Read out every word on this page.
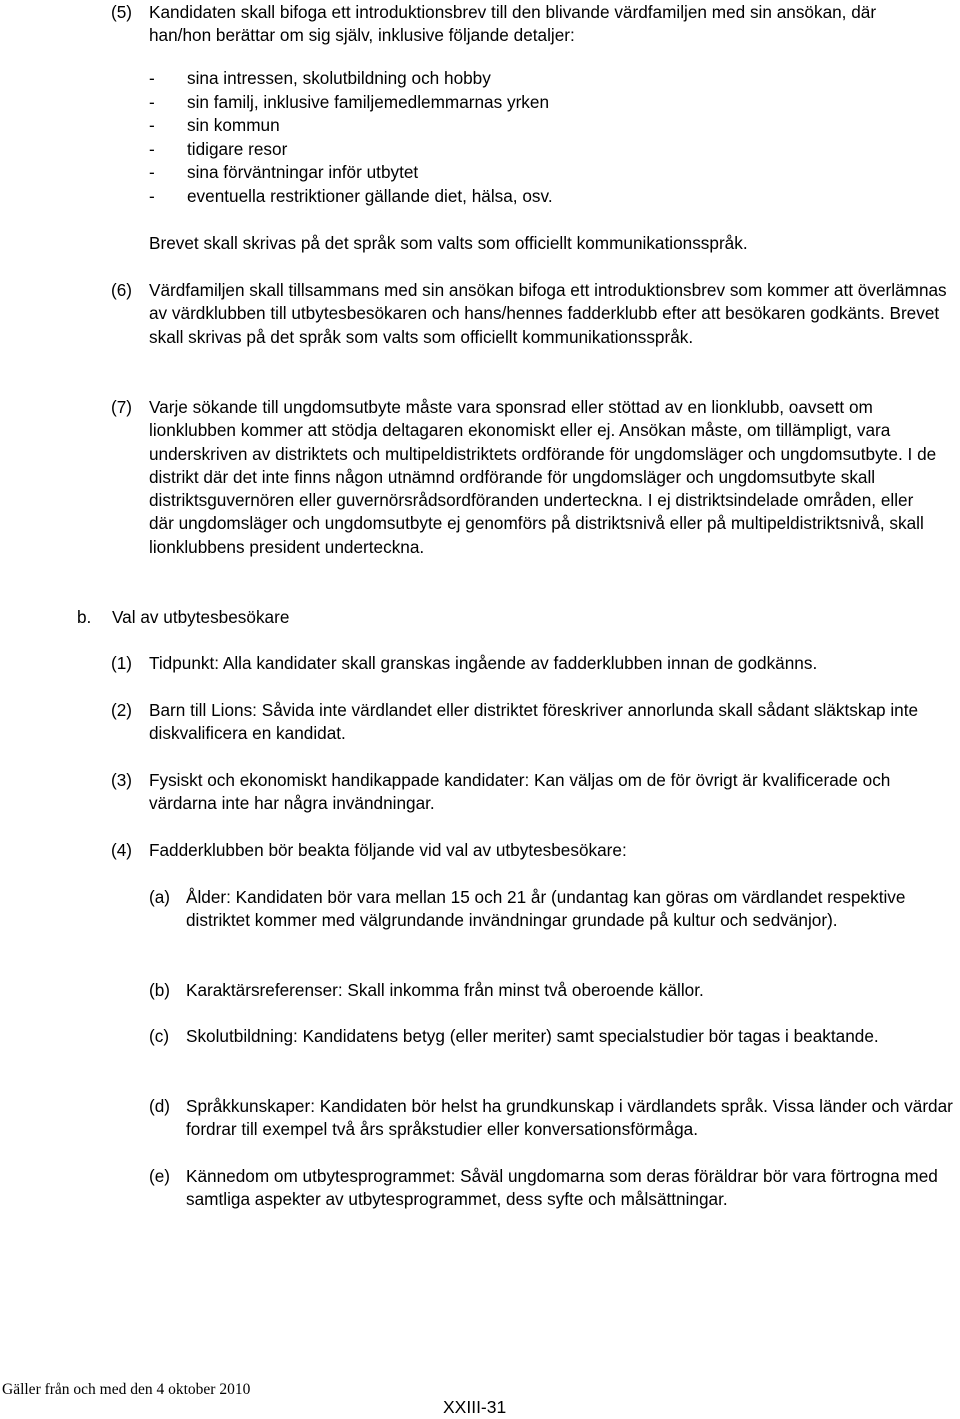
(5) Kandidaten skall bifoga ett introduktionsbrev till den blivande värdfamiljen med sin ansökan, där han/hon berättar om sig själv, inklusive följande detaljer:
- sina intressen, skolutbildning och hobby
- sin familj, inklusive familjemedlemmarnas yrken
- sin kommun
- tidigare resor
- sina förväntningar inför utbytet
- eventuella restriktioner gällande diet, hälsa, osv.
Brevet skall skrivas på det språk som valts som officiellt kommunikationsspråk.
(6) Värdfamiljen skall tillsammans med sin ansökan bifoga ett introduktionsbrev som kommer att överlämnas av värdklubben till utbytesbesökaren och hans/hennes fadderklubb efter att besökaren godkänts. Brevet skall skrivas på det språk som valts som officiellt kommunikationsspråk.
(7) Varje sökande till ungdomsutbyte måste vara sponsrad eller stöttad av en lionklubb, oavsett om lionklubben kommer att stödja deltagaren ekonomiskt eller ej. Ansökan måste, om tillämpligt, vara underskriven av distriktets och multipeldistriktets ordförande för ungdomsläger och ungdomsutbyte. I de distrikt där det inte finns någon utnämnd ordförande för ungdomsläger och ungdomsutbyte skall distriktsguvernören eller guvernörsrådsordföranden underteckna. I ej distriktsindelade områden, eller där ungdomsläger och ungdomsutbyte ej genomförs på distriktsnivå eller på multipeldistriktsnivå, skall lionklubbens president underteckna.
b. Val av utbytesbesökare
(1) Tidpunkt: Alla kandidater skall granskas ingående av fadderklubben innan de godkänns.
(2) Barn till Lions: Såvida inte värdlandet eller distriktet föreskriver annorlunda skall sådant släktskap inte diskvalificera en kandidat.
(3) Fysiskt och ekonomiskt handikappade kandidater: Kan väljas om de för övrigt är kvalificerade och värdarna inte har några invändningar.
(4) Fadderklubben bör beakta följande vid val av utbytesbesökare:
(a) Ålder: Kandidaten bör vara mellan 15 och 21 år (undantag kan göras om värdlandet respektive distriktet kommer med välgrundande invändningar grundade på kultur och sedvänjor).
(b) Karaktärsreferenser: Skall inkomma från minst två oberoende källor.
(c) Skolutbildning: Kandidatens betyg (eller meriter) samt specialstudier bör tagas i beaktande.
(d) Språkkunskaper: Kandidaten bör helst ha grundkunskap i värdlandets språk. Vissa länder och värdar fordrar till exempel två års språkstudier eller konversationsförmåga.
(e) Kännedom om utbytesprogrammet: Såväl ungdomarna som deras föräldrar bör vara förtrogna med samtliga aspekter av utbytesprogrammet, dess syfte och målsättningar.
Gäller från och med den 4 oktober 2010
XXIII-31
